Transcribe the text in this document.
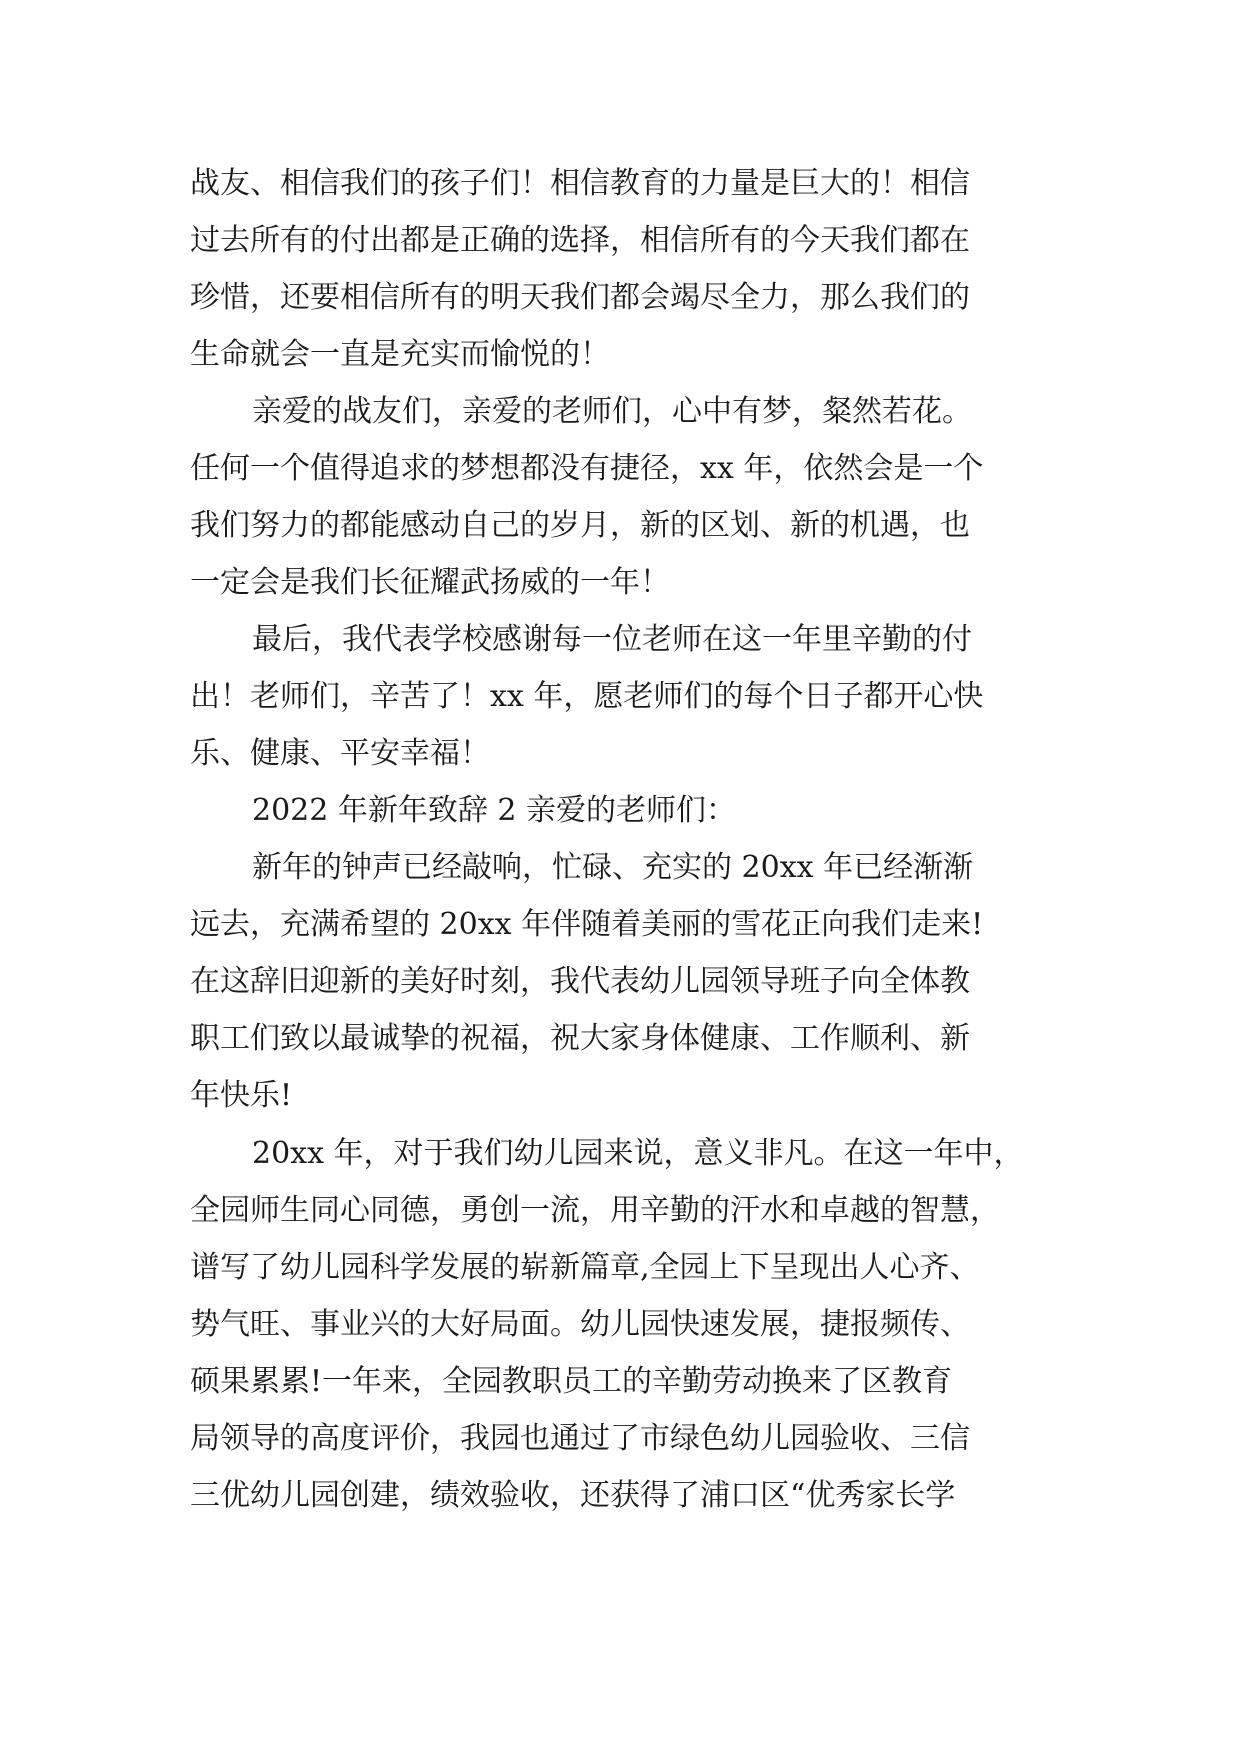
战友、相信我们的孩子们！相信教育的力量是巨大的！相信
过去所有的付出都是正确的选择，相信所有的今天我们都在
珍惜，还要相信所有的明天我们都会竭尽全力，那么我们的
生命就会一直是充实而愉悦的！
亲爱的战友们，亲爱的老师们，心中有梦，粲然若花。
任何一个值得追求的梦想都没有捷径，xx 年，依然会是一个
我们努力的都能感动自己的岁月，新的区划、新的机遇，也
一定会是我们长征耀武扬威的一年！
最后，我代表学校感谢每一位老师在这一年里辛勤的付
出！老师们，辛苦了！xx 年，愿老师们的每个日子都开心快
乐、健康、平安幸福！
2022 年新年致辞 2 亲爱的老师们：
新年的钟声已经敲响，忙碌、充实的 20xx 年已经渐渐
远去，充满希望的 20xx 年伴随着美丽的雪花正向我们走来!
在这辞旧迎新的美好时刻，我代表幼儿园领导班子向全体教
职工们致以最诚挚的祝福，祝大家身体健康、工作顺利、新
年快乐!
20xx 年，对于我们幼儿园来说，意义非凡。在这一年中，
全园师生同心同德，勇创一流，用辛勤的汗水和卓越的智慧，
谱写了幼儿园科学发展的崭新篇章,全园上下呈现出人心齐、
势气旺、事业兴的大好局面。幼儿园快速发展，捷报频传、
硕果累累!一年来，全园教职员工的辛勤劳动换来了区教育
局领导的高度评价，我园也通过了市绿色幼儿园验收、三信
三优幼儿园创建，绩效验收，还获得了浦口区“优秀家长学
